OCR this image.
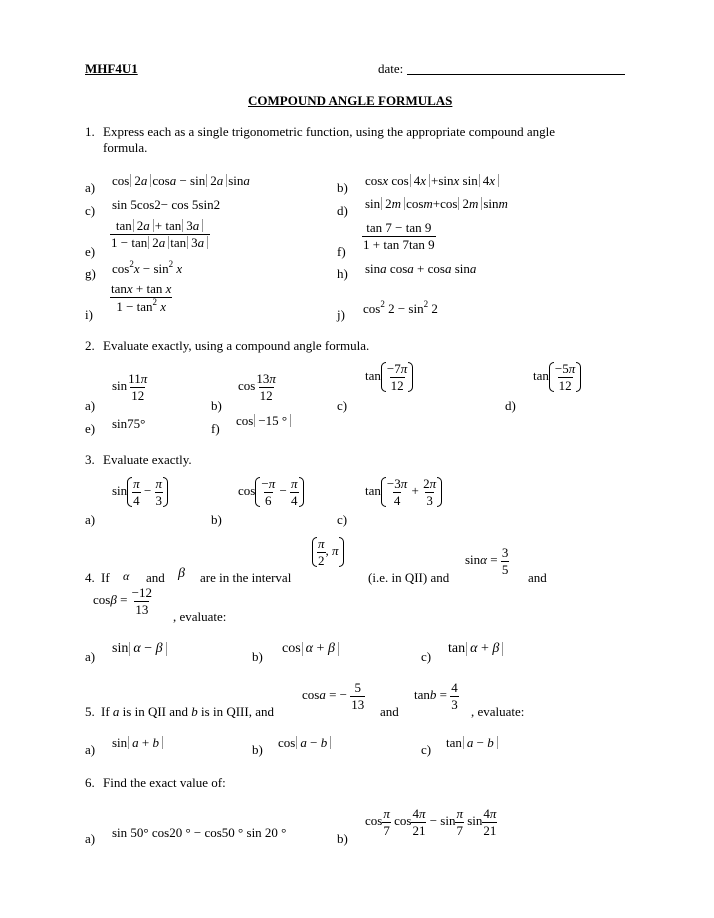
MHF4U1	date:
COMPOUND ANGLE FORMULAS
1. Express each as a single trigonometric function, using the appropriate compound angle
formula.
a) cos 2a cosa − sin 2a sina	b) cosx cos 4x +sinx sin 4x
c) sin 5cos2− cos 5sin2	d) sin 2m cosm+cos 2m sinm
e)
$\frac{\tan 2a + \tan 3a}{\text{1 − tan 2a tan 3a}}$
f)
$\frac{\tan 7 - \tan 9}{1 + \tan 7\tan 9}$
g) $\cos^2x - \sin^2 x$	h) sina cosa + cosa sina
i)
$\frac{\text{tanx + tan x}}{1 - \tan^2 x}$
j) $\cos^2 2 - \sin^2 2$
2. Evaluate exactly, using a compound angle formula.
a)
$\sin \frac{11\pi}{12}$
b)
$\cos \frac{13\pi}{12}$
c)
$\tan \frac{-7\pi}{12}$
d)
$\tan \frac{-5\pi}{12}$
e) sin75°	f)
cos −15 °
3. Evaluate exactly.
a)
$\sin \frac{\pi}{4} - \frac{\pi}{3}$
b)
$\cos \frac{-\pi}{6} - \frac{\pi}{4}$
c)
$\tan \frac{-3\pi}{4} + \frac{2\pi}{3}$
4. If α and β are in the interval
$\frac{\pi}{2}$ , π
(i.e. in QII) and
$\sin\alpha = \frac{3}{5}$
and
$\cos\beta = \frac{-12}{13}$
, evaluate:
a)
sin α − β
b)
cos α + β
c)
tan α + β
5. If a is in QII and b is in QIII, and
cosa = − $\frac{5}{13}$
and
$\tan b = \frac{4}{3}$
, evaluate:
a) sin a + b	b) cos a − b	c) tan a − b
6. Find the exact value of:
a) sin 50° cos20 ° − cos50 ° sin 20 °	b)
$\cos \frac{\pi}{7}$ $\cos \frac{4\pi}{21} - \sin \frac{\pi}{7}$ $\sin \frac{4\pi}{21}$
